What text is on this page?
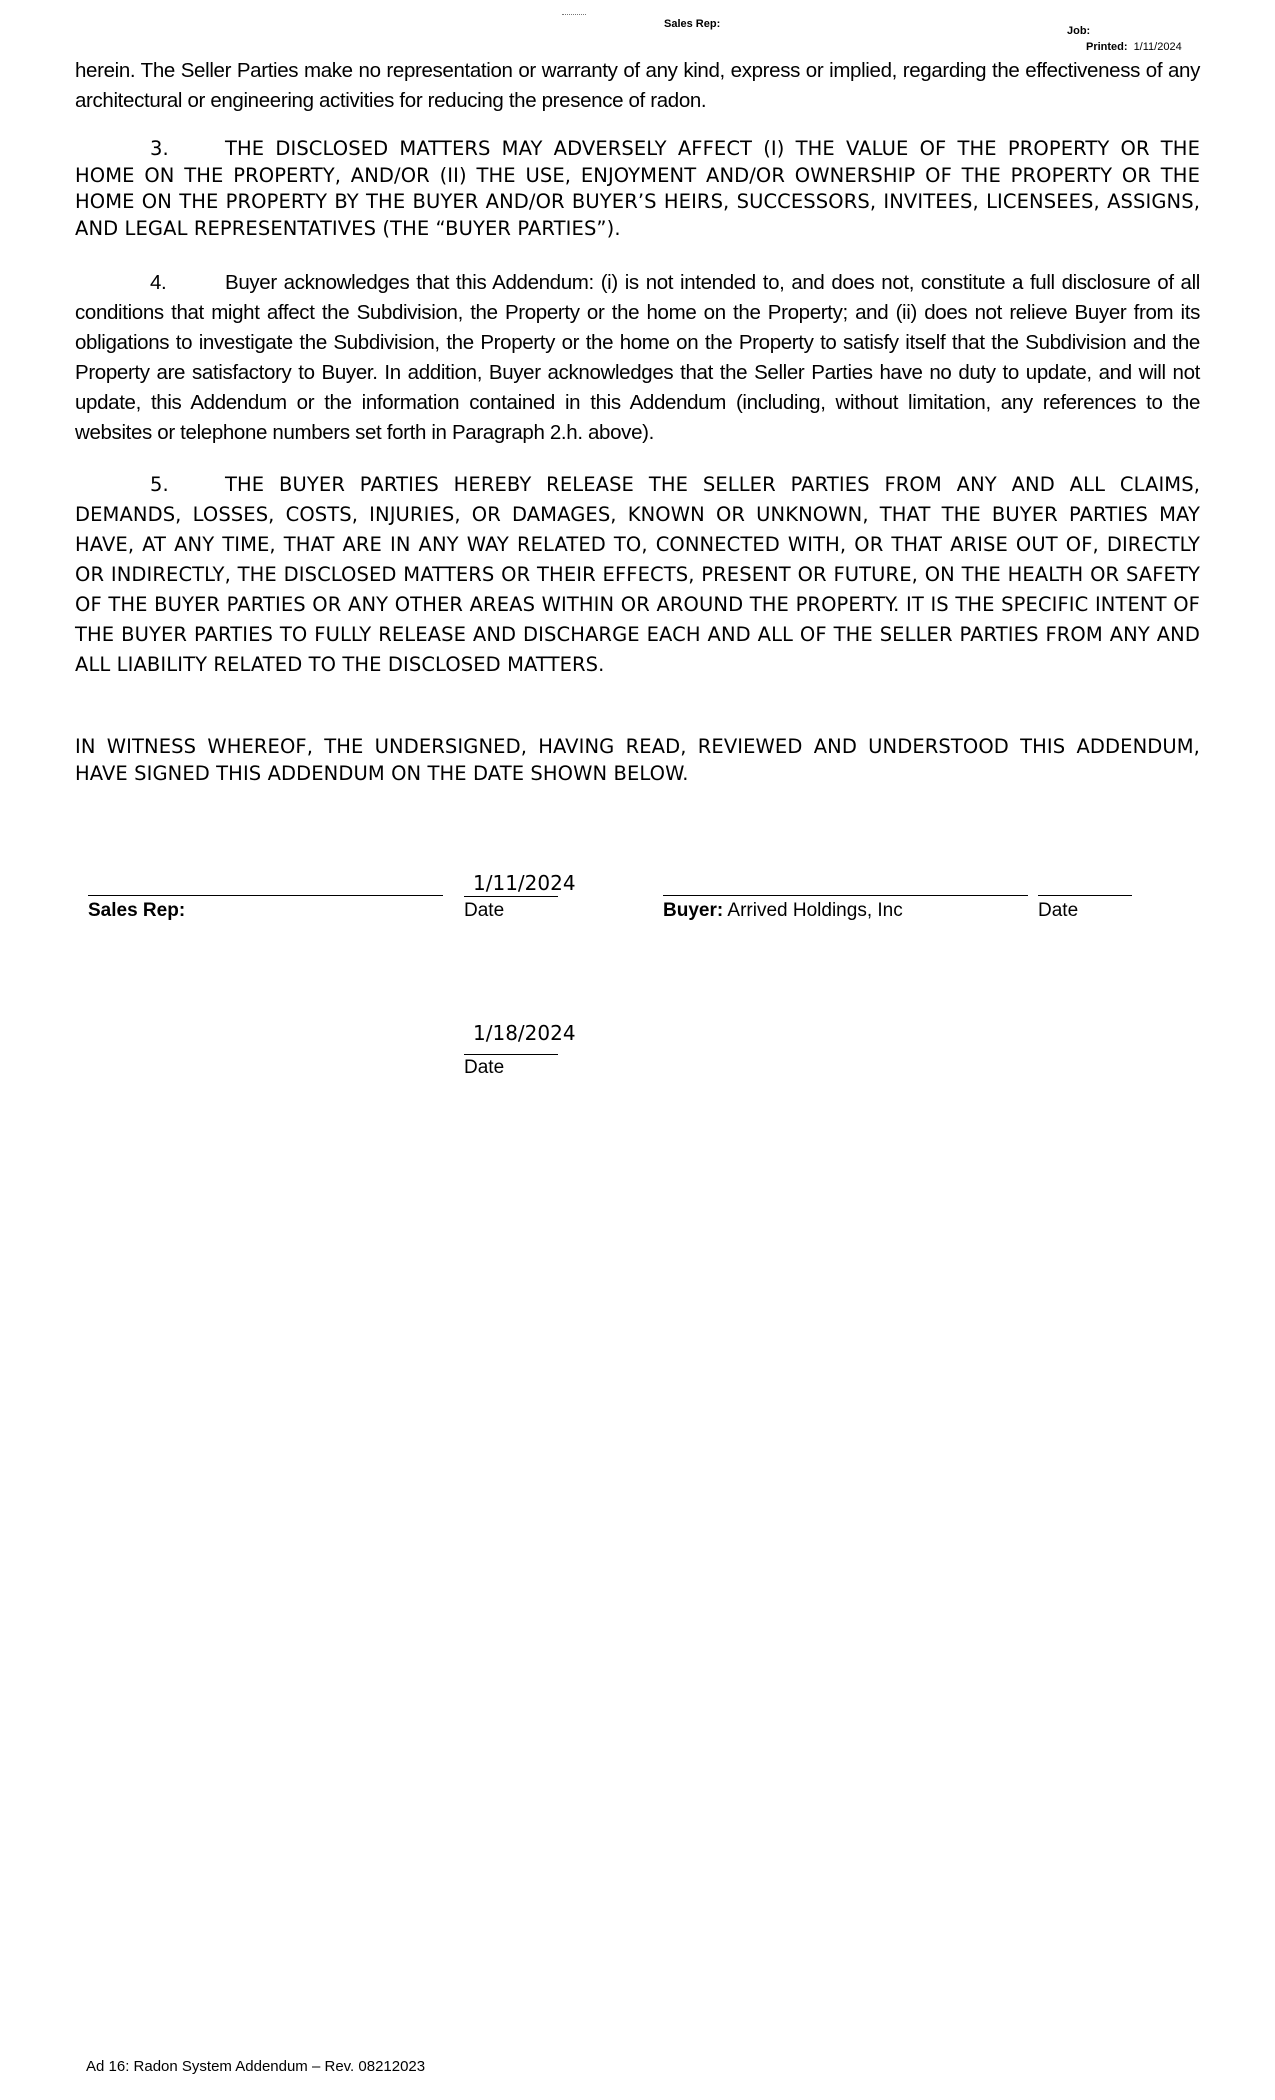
Sales Rep:
Job:
Printed: 1/11/2024
herein. The Seller Parties make no representation or warranty of any kind, express or implied, regarding the effectiveness of any architectural or engineering activities for reducing the presence of radon.
3.	THE DISCLOSED MATTERS MAY ADVERSELY AFFECT (I) THE VALUE OF THE PROPERTY OR THE HOME ON THE PROPERTY, AND/OR (II) THE USE, ENJOYMENT AND/OR OWNERSHIP OF THE PROPERTY OR THE HOME ON THE PROPERTY BY THE BUYER AND/OR BUYER’S HEIRS, SUCCESSORS, INVITEES, LICENSEES, ASSIGNS, AND LEGAL REPRESENTATIVES (THE “BUYER PARTIES”).
4.	Buyer acknowledges that this Addendum: (i) is not intended to, and does not, constitute a full disclosure of all conditions that might affect the Subdivision, the Property or the home on the Property; and (ii) does not relieve Buyer from its obligations to investigate the Subdivision, the Property or the home on the Property to satisfy itself that the Subdivision and the Property are satisfactory to Buyer. In addition, Buyer acknowledges that the Seller Parties have no duty to update, and will not update, this Addendum or the information contained in this Addendum (including, without limitation, any references to the websites or telephone numbers set forth in Paragraph 2.h. above).
5.	THE BUYER PARTIES HEREBY RELEASE THE SELLER PARTIES FROM ANY AND ALL CLAIMS, DEMANDS, LOSSES, COSTS, INJURIES, OR DAMAGES, KNOWN OR UNKNOWN, THAT THE BUYER PARTIES MAY HAVE, AT ANY TIME, THAT ARE IN ANY WAY RELATED TO, CONNECTED WITH, OR THAT ARISE OUT OF, DIRECTLY OR INDIRECTLY, THE DISCLOSED MATTERS OR THEIR EFFECTS, PRESENT OR FUTURE, ON THE HEALTH OR SAFETY OF THE BUYER PARTIES OR ANY OTHER AREAS WITHIN OR AROUND THE PROPERTY. IT IS THE SPECIFIC INTENT OF THE BUYER PARTIES TO FULLY RELEASE AND DISCHARGE EACH AND ALL OF THE SELLER PARTIES FROM ANY AND ALL LIABILITY RELATED TO THE DISCLOSED MATTERS.
IN WITNESS WHEREOF, THE UNDERSIGNED, HAVING READ, REVIEWED AND UNDERSTOOD THIS ADDENDUM, HAVE SIGNED THIS ADDENDUM ON THE DATE SHOWN BELOW.
1/11/2024
Sales Rep:	Date	Buyer: Arrived Holdings, Inc	Date
1/18/2024
Date
Ad 16: Radon System Addendum – Rev. 08212023
